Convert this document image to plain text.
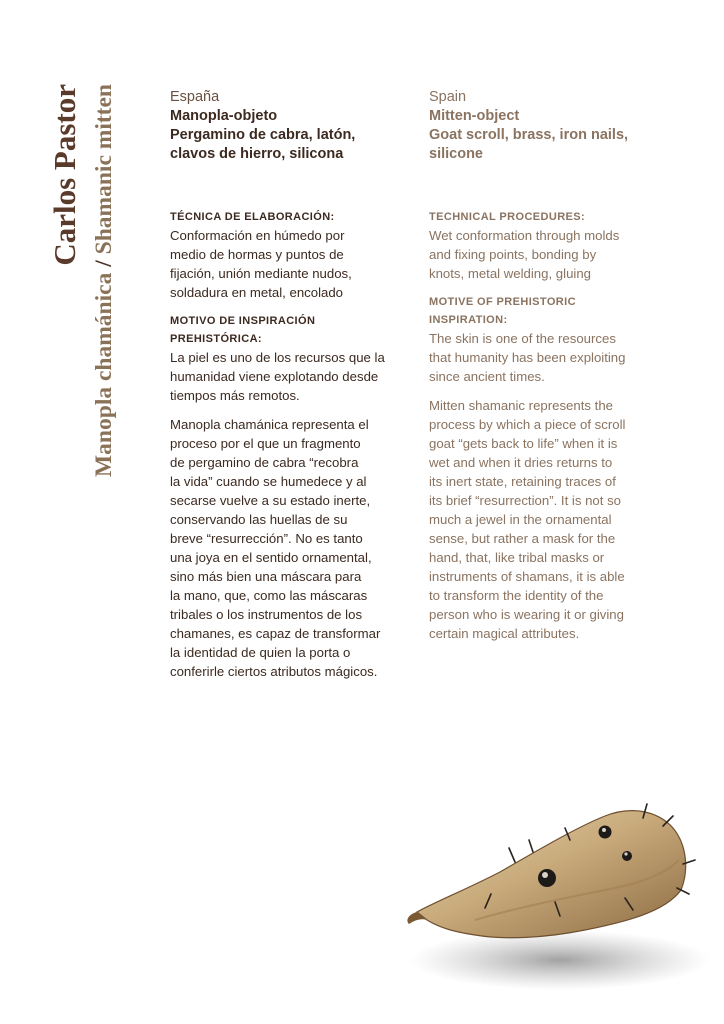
Carlos Pastor
Manopla chamánica / Shamanic mitten	España

Manopla-objeto
Pergamino de cabra, latón,
clavos de hierro, silicona

TÉCNICA DE ELABORACIÓN:

Conformación en húmedo por
medio de hormas y puntos de
fijación, unión mediante nudos,
soldadura en metal, encolado

MOTIVO DE INSPIRACIÓN
PREHISTÓRICA:

La piel es uno de los recursos que la
humanidad viene explotando desde
tiempos más remotos.

Manopla chamánica representa el
proceso por el que un fragmento
de pergamino de cabra “recobra
la vida” cuando se humedece y al
secarse vuelve a su estado inerte,
conservando las huellas de su
breve “resurrección”. No es tanto
una joya en el sentido ornamental,
sino más bien una máscara para
la mano, que, como las máscaras
tribales o los instrumentos de los
chamanes, es capaz de transformar
la identidad de quien la porta o
conferirle ciertos atributos mágicos.

Spain

Mitten-object
Goat scroll, brass, iron nails,
silicone

TECHNICAL PROCEDURES:

Wet conformation through molds
and fixing points, bonding by
knots, metal welding, gluing

MOTIVE OF PREHISTORIC
INSPIRATION:

The skin is one of the resources
that humanity has been exploiting
since ancient times.

Mitten shamanic represents the
process by which a piece of scroll
goat “gets back to life” when it is
wet and when it dries returns to
its inert state, retaining traces of
its brief “resurrection”. It is not so
much a jewel in the ornamental
sense, but rather a mask for the
hand, that, like tribal masks or
instruments of shamans, it is able
to transform the identity of the
person who is wearing it or giving
certain magical attributes.
